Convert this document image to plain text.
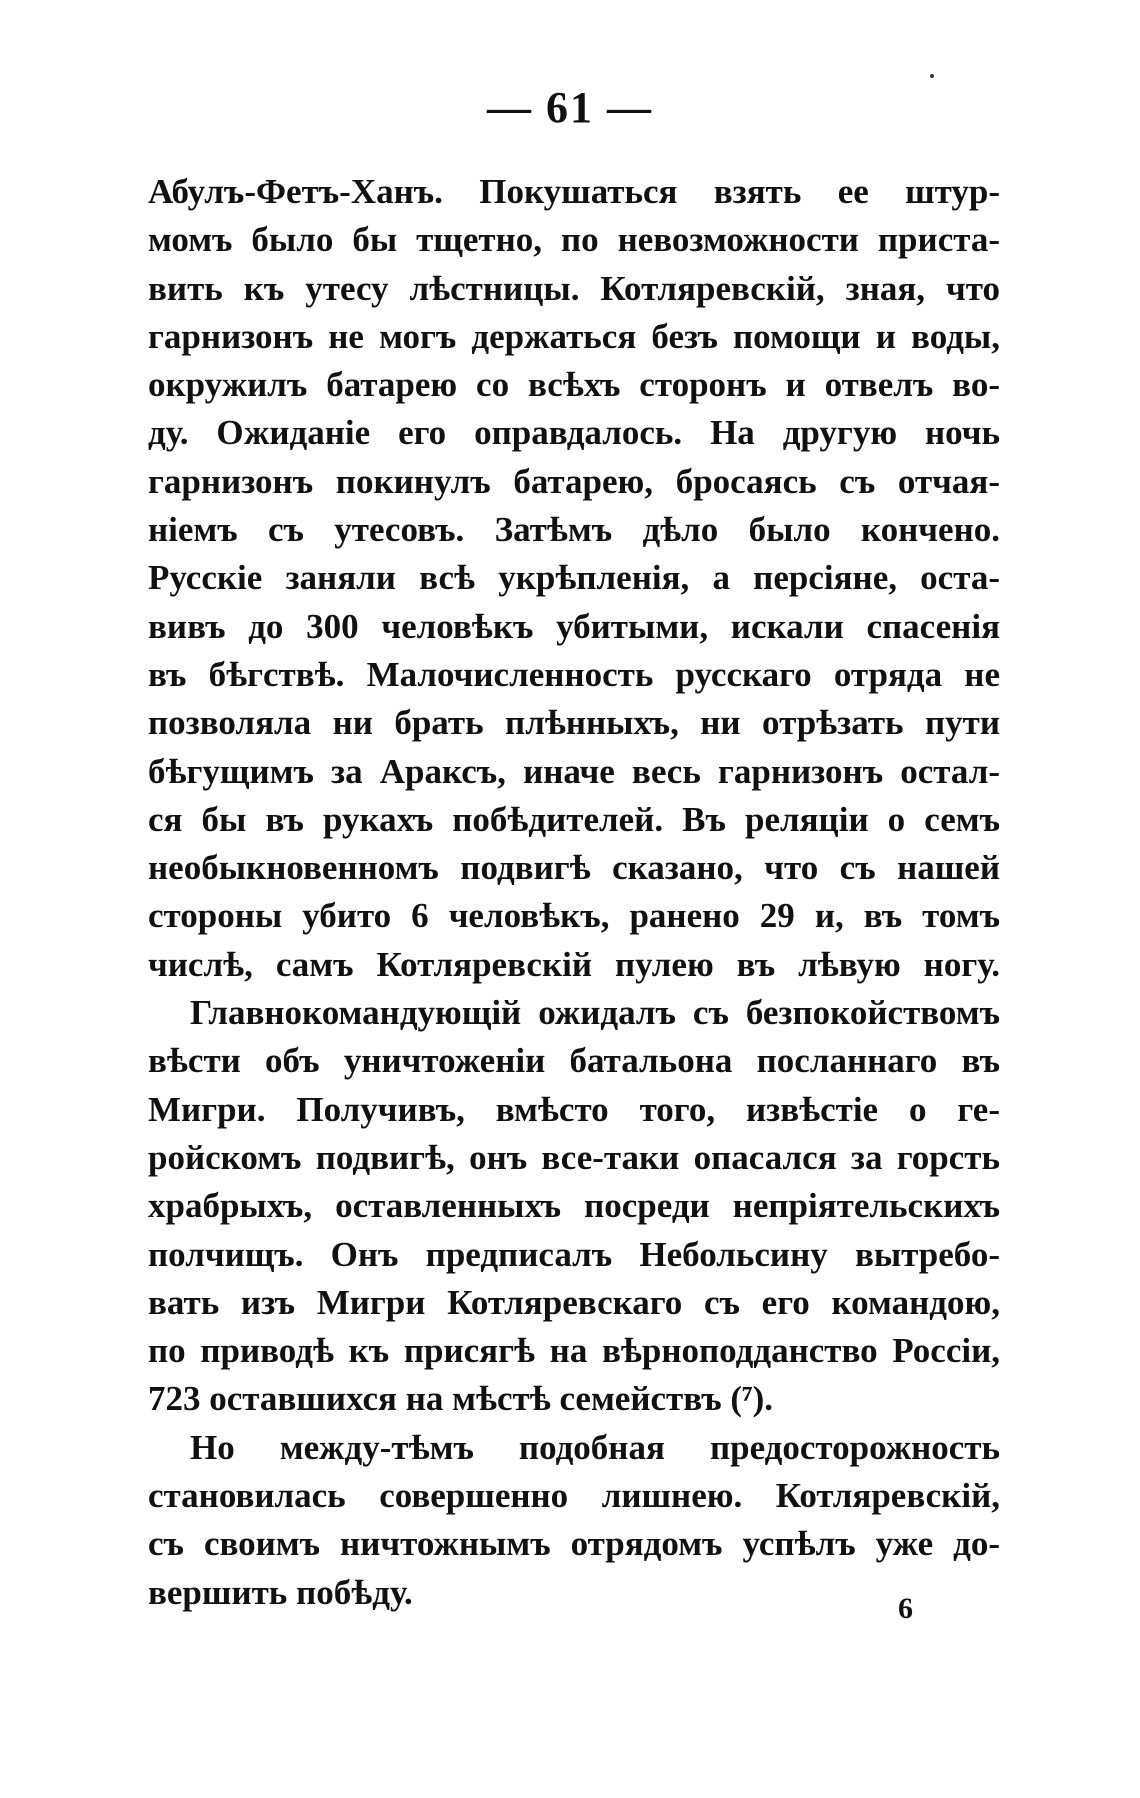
— 61 —
Абулъ-Фетъ-Ханъ. Покушаться взять ее штур-
момъ было бы тщетно, по невозможности приста-
вить къ утесу лѣстницы. Котляревскій, зная, что
гарнизонъ не могъ держаться безъ помощи и воды,
окружилъ батарею со всѣхъ сторонъ и отвелъ во-
ду. Ожиданіе его оправдалось. На другую ночь
гарнизонъ покинулъ батарею, бросаясь съ отчая-
ніемъ съ утесовъ. Затѣмъ дѣло было кончено.
Русскіе заняли всѣ укрѣпленія, а персіяне, оста-
вивъ до 300 человѣкъ убитыми, искали спасенія
въ бѣгствѣ. Малочисленность русскаго отряда не
позволяла ни брать плѣнныхъ, ни отрѣзать пути
бѣгущимъ за Араксъ, иначе весь гарнизонъ остал-
ся бы въ рукахъ побѣдителей. Въ реляціи о семъ
необыкновенномъ подвигѣ сказано, что съ нашей
стороны убито 6 человѣкъ, ранено 29 и, въ томъ
числѣ, самъ Котляревскій пулею въ лѣвую ногу.
Главнокомандующій ожидалъ съ безпокойствомъ
вѣсти объ уничтоженіи батальона посланнаго въ
Мигри. Получивъ, вмѣсто того, извѣстіе о ге-
ройскомъ подвигѣ, онъ все-таки опасался за горсть
храбрыхъ, оставленныхъ посреди непріятельскихъ
полчищъ. Онъ предписалъ Небольсину вытребо-
вать изъ Мигри Котляревскаго съ его командою,
по приводѣ къ присягѣ на вѣрноподданство Россіи,
723 оставшихся на мѣстѣ семействъ (⁷).
Но между-тѣмъ подобная предосторожность
становилась совершенно лишнею. Котляревскій,
съ своимъ ничтожнымъ отрядомъ успѣлъ уже до-
вершить побѣду.	6
